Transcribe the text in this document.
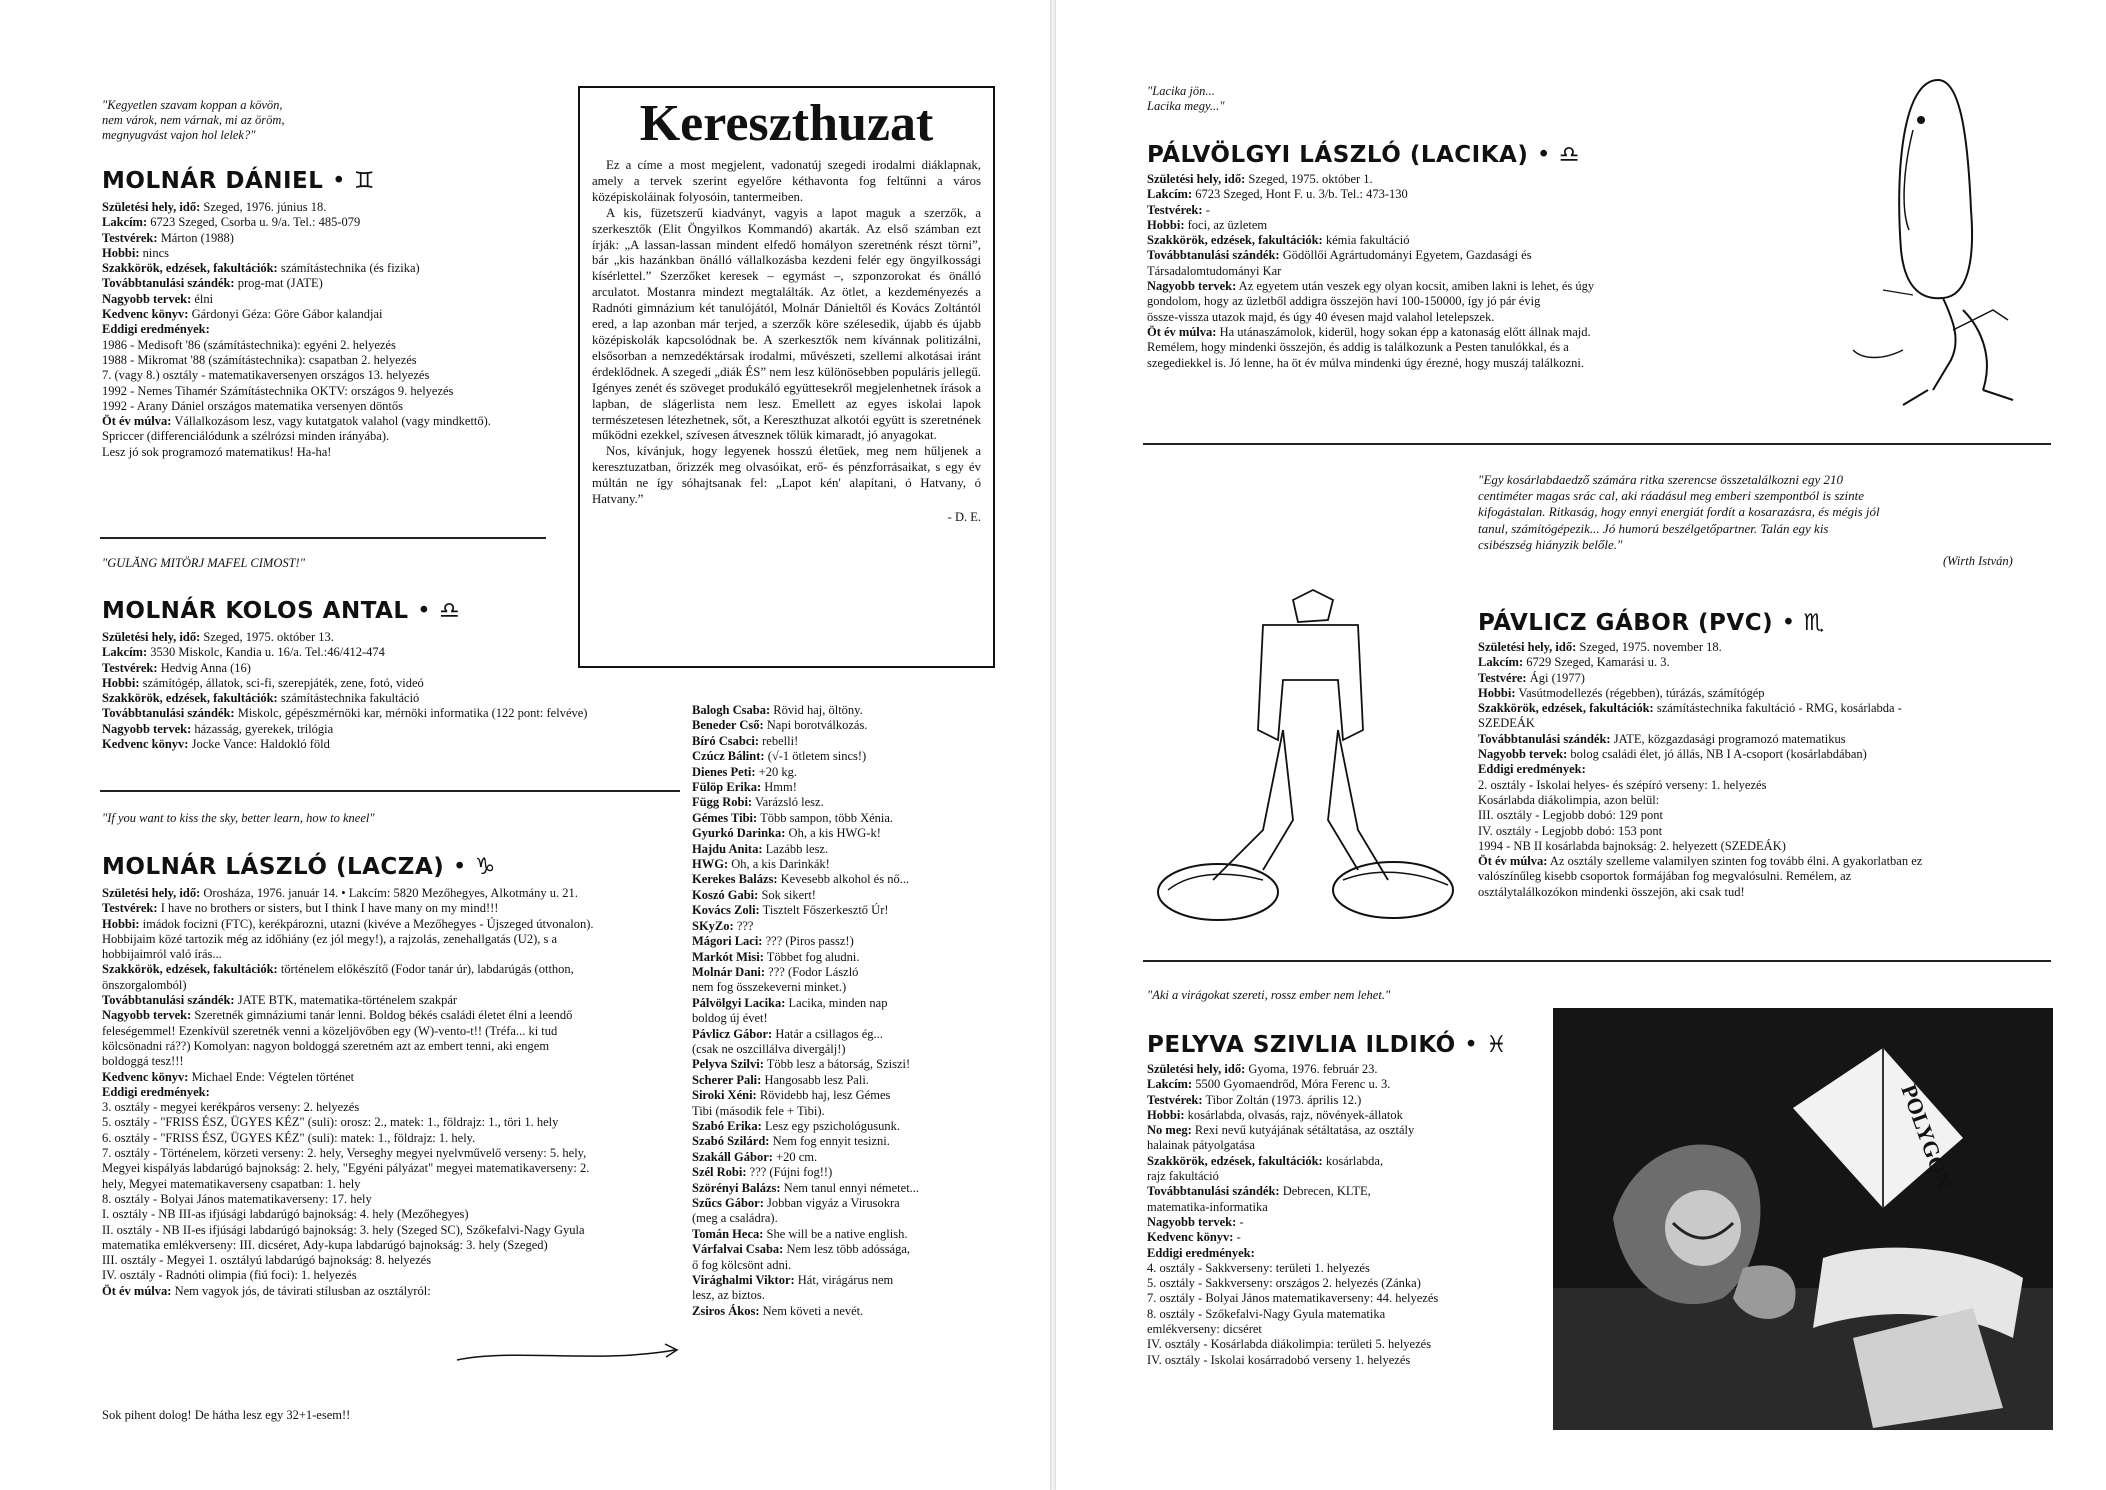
"Kegyetlen szavam koppan a kövön,
nem várok, nem várnak, mi az öröm,
megnyugvást vajon hol lelek?"
MOLNÁR DÁNIEL • ♊
Születési hely, idő: Szeged, 1976. június 18.
Lakcím: 6723 Szeged, Csorba u. 9/a. Tel.: 485-079
Testvérek: Márton (1988)
Hobbi: nincs
Szakkörök, edzések, fakultációk: számítástechnika (és fizika)
Továbbtanulási szándék: prog-mat (JATE)
Nagyobb tervek: élni
Kedvenc könyv: Gárdonyi Géza: Göre Gábor kalandjai
Eddigi eredmények:
1986 - Medisoft '86 (számítástechnika): egyéni 2. helyezés
1988 - Mikromat '88 (számítástechnika): csapatban 2. helyezés
7. (vagy 8.) osztály - matematikaversenyen országos 13. helyezés
1992 - Nemes Tihamér Számítástechnika OKTV: országos 9. helyezés
1992 - Arany Dániel országos matematika versenyen döntős
Öt év múlva: Vállalkozásom lesz, vagy kutatgatok valahol (vagy mindkettő).
Spriccer (differenciálódunk a szélrózsi minden irányába).
Lesz jó sok programozó matematikus! Ha-ha!
"GULĂNG MITÖRJ MAFEL CIMOST!"
MOLNÁR KOLOS ANTAL • ♎
Születési hely, idő: Szeged, 1975. október 13.
Lakcím: 3530 Miskolc, Kandia u. 16/a. Tel.:46/412-474
Testvérek: Hedvig Anna (16)
Hobbi: számítógép, állatok, sci-fi, szerepjáték, zene, fotó, videó
Szakkörök, edzések, fakultációk: számítástechnika fakultáció
Továbbtanulási szándék: Miskolc, gépészmérnöki kar, mérnöki informatika (122 pont: felvéve)
Nagyobb tervek: házasság, gyerekek, trilógia
Kedvenc könyv: Jocke Vance: Haldokló föld
"If you want to kiss the sky, better learn, how to kneel"
MOLNÁR LÁSZLÓ (LACZA) • ♑
Születési hely, idő: Orosháza, 1976. január 14. • Lakcím: 5820 Mezőhegyes, Alkotmány u. 21.
Testvérek: I have no brothers or sisters, but I think I have many on my mind!!!
Hobbi: imádok focizni (FTC), kerékpározni, utazni (kivéve a Mezőhegyes - Újszeged útvonalon).
Hobbijaim közé tartozik még az időhiány (ez jól megy!), a rajzolás, zenehallgatás (U2), s a
hobbijaimról való írás...
Szakkörök, edzések, fakultációk: történelem előkészítő (Fodor tanár úr), labdarúgás (otthon,
önszorgalomból)
Továbbtanulási szándék: JATE BTK, matematika-történelem szakpár
Nagyobb tervek: Szeretnék gimnáziumi tanár lenni. Boldog békés családi életet élni a leendő
feleségemmel! Ezenkívül szeretnék venni a közeljövőben egy (W)-vento-t!! (Tréfa... ki tud
kölcsönadni rá??) Komolyan: nagyon boldoggá szeretném azt az embert tenni, aki engem
boldoggá tesz!!!
Kedvenc könyv: Michael Ende: Végtelen történet
Eddigi eredmények:
3. osztály - megyei kerékpáros verseny: 2. helyezés
5. osztály - "FRISS ÉSZ, ÜGYES KÉZ" (suli): orosz: 2., matek: 1., földrajz: 1., töri 1. hely
6. osztály - "FRISS ÉSZ, ÜGYES KÉZ" (suli): matek: 1., földrajz: 1. hely.
7. osztály - Történelem, körzeti verseny: 2. hely, Verseghy megyei nyelvművelő verseny: 5. hely,
Megyei kispályás labdarúgó bajnokság: 2. hely, "Egyéni pályázat" megyei matematikaverseny: 2.
hely, Megyei matematikaverseny csapatban: 1. hely
8. osztály - Bolyai János matematikaverseny: 17. hely
I. osztály - NB III-as ifjúsági labdarúgó bajnokság: 4. hely (Mezőhegyes)
II. osztály - NB II-es ifjúsági labdarúgó bajnokság: 3. hely (Szeged SC), Szőkefalvi-Nagy Gyula
matematika emlékverseny: III. dicséret, Ady-kupa labdarúgó bajnokság: 3. hely (Szeged)
III. osztály - Megyei 1. osztályú labdarúgó bajnokság: 8. helyezés
IV. osztály - Radnóti olimpia (fiú foci): 1. helyezés
Öt év múlva: Nem vagyok jós, de távirati stílusban az osztályról:
Sok pihent dolog! De hátha lesz egy 32+1-esem!!
Kereszthuzat

Ez a címe a most megjelent, vadonatúj szegedi irodalmi diáklapnak, amely a tervek szerint egyelőre kéthavonta fog feltűnni a város középiskoláinak folyosóin, tantermeiben.

A kis, füzetszerű kiadványt, vagyis a lapot maguk a szerzők, a szerkesztők (Elit Öngyilkos Kommandó) akarták. Az első számban ezt írják: „A lassan-lassan mindent elfedő homályon szeretnénk részt törni”, bár „kis hazánkban önálló vállalkozásba kezdeni felér egy öngyilkossági kísérlettel.” Szerzőket keresek – egymást –, szponzorokat és önálló arculatot. Mostanra mindezt megtalálták. Az ötlet, a kezdeményezés a Radnóti gimnázium két tanulójától, Molnár Dánieltől és Kovács Zoltántól ered, a lap azonban már terjed, a szerzők köre szélesedik, újabb és újabb középiskolák kapcsolódnak be. A szerkesztők nem kívánnak politizálni, elsősorban a nemzedéktársak irodalmi, művészeti, szellemi alkotásai iránt érdeklődnek. A szegedi „diák ÉS” nem lesz különösebben populáris jellegű. Igényes zenét és szöveget produkáló együttesekről megjelenhetnek írások a lapban, de slágerlista nem lesz. Emellett az egyes iskolai lapok természetesen létezhetnek, sőt, a Kereszthuzat alkotói együtt is szeretnének működni ezekkel, szívesen átvesznek tőlük kimaradt, jó anyagokat.

Nos, kívánjuk, hogy legyenek hosszú életűek, meg nem hűljenek a keresztuzatban, őrizzék meg olvasóikat, erő- és pénzforrásaikat, s egy év múltán ne így sóhajtsanak fel: „Lapot kén' alapítani, ó Hatvany, ó Hatvany.”

- D. E.
Balogh Csaba: Rövid haj, öltöny.
Beneder Cső: Napi borotválkozás.
Bíró Csabci: rebelli!
Czúcz Bálint: (√-1 ötletem sincs!)
Dienes Peti: +20 kg.
Fülöp Erika: Hmm!
Függ Robi: Varázsló lesz.
Gémes Tibi: Több sampon, több Xénia.
Gyurkó Darinka: Oh, a kis HWG-k!
Hajdu Anita: Lazább lesz.
HWG: Oh, a kis Darinkák!
Kerekes Balázs: Kevesebb alkohol és nő...
Koszó Gabi: Sok sikert!
Kovács Zoli: Tisztelt Főszerkesztő Úr!
SKyZo: ???
Mágori Laci: ??? (Piros passz!)
Markót Misi: Többet fog aludni.
Molnár Dani: ??? (Fodor László
nem fog összekeverni minket.)
Pálvölgyi Lacika: Lacika, minden nap
boldog új évet!
Pávlicz Gábor: Határ a csillagos ég...
(csak ne oszcillálva divergálj!)
Pelyva Szilvi: Több lesz a bátorság, Sziszi!
Scherer Pali: Hangosabb lesz Pali.
Siroki Xéni: Rövidebb haj, lesz Gémes
Tibi (második fele + Tibi).
Szabó Erika: Lesz egy pszichológusunk.
Szabó Szilárd: Nem fog ennyit tesizni.
Szakáll Gábor: +20 cm.
Szél Robi: ??? (Fújni fog!!)
Szörényi Balázs: Nem tanul ennyi németet...
Szűcs Gábor: Jobban vigyáz a Virusokra
(meg a családra).
Tomán Heca: She will be a native english.
Várfalvai Csaba: Nem lesz több adóssága,
ő fog kölcsönt adni.
Virághalmi Viktor: Hát, virágárus nem
lesz, az biztos.
Zsiros Ákos: Nem követi a nevét.
"Lacika jön...
Lacika megy..."
PÁLVÖLGYI LÁSZLÓ (LACIKA) • ♎
Születési hely, idő: Szeged, 1975. október 1.
Lakcím: 6723 Szeged, Hont F. u. 3/b. Tel.: 473-130
Testvérek: -
Hobbi: foci, az üzletem
Szakkörök, edzések, fakultációk: kémia fakultáció
Továbbtanulási szándék: Gödöllői Agrártudományi Egyetem, Gazdasági és
Társadalomtudományi Kar
Nagyobb tervek: Az egyetem után veszek egy olyan kocsit, amiben lakni is lehet, és úgy
gondolom, hogy az üzletből addigra összejön havi 100-150000, így jó pár évig
össze-vissza utazok majd, és úgy 40 évesen majd valahol letelepszek.
Öt év múlva: Ha utánaszámolok, kiderül, hogy sokan épp a katonaság előtt állnak majd.
Remélem, hogy mindenki összejön, és addig is találkozunk a Pesten tanulókkal, és a
szegediekkel is. Jó lenne, ha öt év múlva mindenki úgy érezné, hogy muszáj találkozni.
"Egy kosárlabdaedző számára ritka szerencse összetalálkozni egy 210
centiméter magas srác cal, aki ráadásul meg emberi szempontból is szinte
kifogástalan. Ritkaság, hogy ennyi energiát fordít a kosarazásra, és mégis jól
tanul, számítógépezik... Jó humorú beszélgetőpartner. Talán egy kis
csibészség hiányzik belőle."
(Wirth István)
PÁVLICZ GÁBOR (PVC) • ♏
Születési hely, idő: Szeged, 1975. november 18.
Lakcím: 6729 Szeged, Kamarási u. 3.
Testvére: Ági (1977)
Hobbi: Vasútmodellezés (régebben), túrázás, számítógép
Szakkörök, edzések, fakultációk: számítástechnika fakultáció - RMG, kosárlabda -
SZEDEÁK
Továbbtanulási szándék: JATE, közgazdasági programozó matematikus
Nagyobb tervek: bolog családi élet, jó állás, NB I A-csoport (kosárlabdában)
Eddigi eredmények:
2. osztály - Iskolai helyes- és szépíró verseny: 1. helyezés
Kosárlabda diákolimpia, azon belül:
III. osztály - Legjobb dobó: 129 pont
IV. osztály - Legjobb dobó: 153 pont
1994 - NB II kosárlabda bajnokság: 2. helyezett (SZEDEÁK)
Öt év múlva: Az osztály szelleme valamilyen szinten fog tovább élni. A gyakorlatban ez
valószínűleg kisebb csoportok formájában fog megvalósulni. Remélem, az
osztálytalálkozókon mindenki összejön, aki csak tud!
"Aki a virágokat szereti, rossz ember nem lehet."
PELYVA SZIVLIA ILDIKÓ • ♓
Születési hely, idő: Gyoma, 1976. február 23.
Lakcím: 5500 Gyomaendrőd, Móra Ferenc u. 3.
Testvérek: Tibor Zoltán (1973. április 12.)
Hobbi: kosárlabda, olvasás, rajz, növények-állatok
No meg: Rexi nevű kutyájának sétáltatása, az osztály
halainak pátyolgatása
Szakkörök, edzések, fakultációk: kosárlabda,
rajz fakultáció
Továbbtanulási szándék: Debrecen, KLTE,
matematika-informatika
Nagyobb tervek: -
Kedvenc könyv: -
Eddigi eredmények:
4. osztály - Sakkverseny: területi 1. helyezés
5. osztály - Sakkverseny: országos 2. helyezés (Zánka)
7. osztály - Bolyai János matematikaverseny: 44. helyezés
8. osztály - Szőkefalvi-Nagy Gyula matematika
emlékverseny: dicséret
IV. osztály - Kosárlabda diákolimpia: területi 5. helyezés
IV. osztály - Iskolai kosárradobó verseny 1. helyezés
POLYGON
